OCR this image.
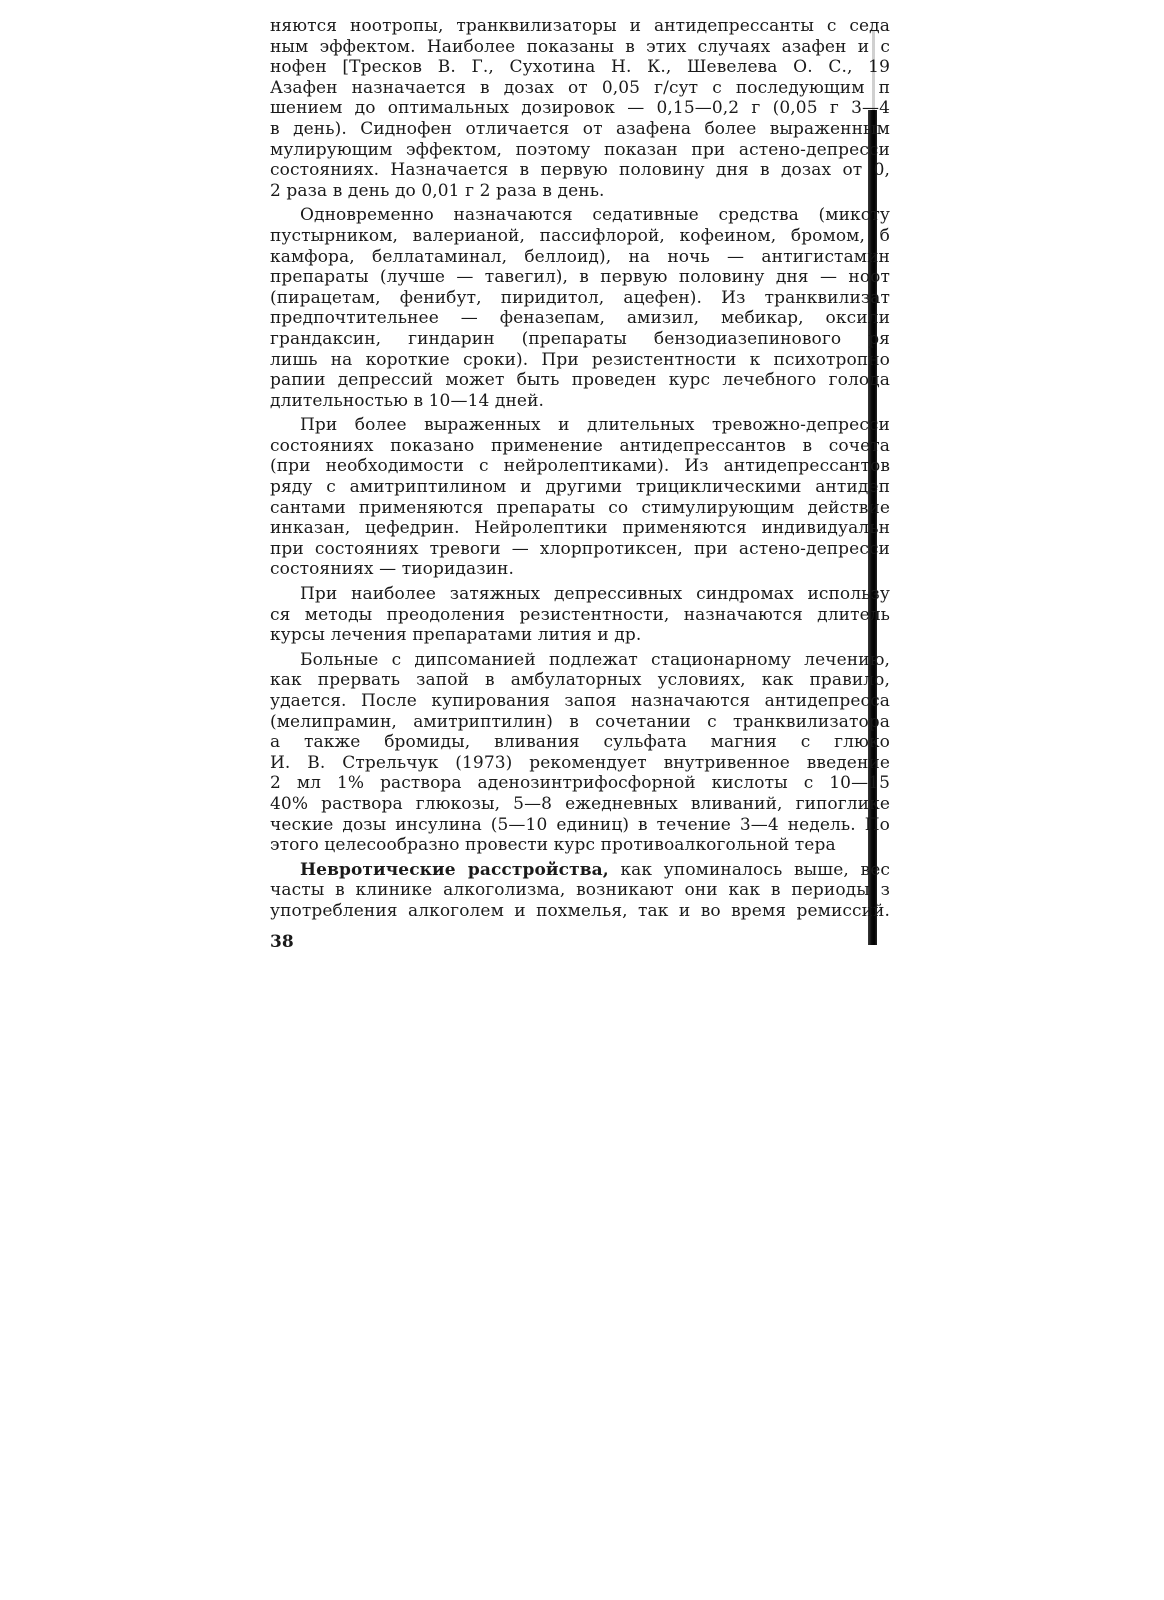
няются ноотропы, транквилизаторы и антидепрессанты с седа
ным эффектом. Наиболее показаны в этих случаях азафен и с
нофен [Тресков В. Г., Сухотина Н. К., Шевелева О. С., 19
Азафен назначается в дозах от 0,05 г/сут с последующим п
шением до оптимальных дозировок — 0,15—0,2 г (0,05 г 3—4
в день). Сиднофен отличается от азафена более выраженным
мулирующим эффектом, поэтому показан при астено-депресси
состояниях. Назначается в первую половину дня в дозах от 0,
2 раза в день до 0,01 г 2 раза в день.
Одновременно назначаются седативные средства (миксту
пустырником, валерианой, пассифлорой, кофеином, бромом, б
камфора, беллатаминал, беллоид), на ночь — антигистамин
препараты (лучше — тавегил), в первую половину дня — ноот
(пирацетам, фенибут, пиридитол, ацефен). Из транквилизат
предпочтительнее — феназепам, амизил, мебикар, оксили
грандаксин, гиндарин (препараты бензодиазепинового ря
лишь на короткие сроки). При резистентности к психотропно
рапии депрессий может быть проведен курс лечебного голода
длительностью в 10—14 дней.
При более выраженных и длительных тревожно-депресси
состояниях показано применение антидепрессантов в сочета
(при необходимости с нейролептиками). Из антидепрессантов
ряду с амитриптилином и другими трициклическими антидеп
сантами применяются препараты со стимулирующим действие
инказан, цефедрин. Нейролептики применяются индивидуальн
при состояниях тревоги — хлорпротиксен, при астено-депресси
состояниях — тиоридазин.
При наиболее затяжных депрессивных синдромах использу
ся методы преодоления резистентности, назначаются длитель
курсы лечения препаратами лития и др.
Больные с дипсоманией подлежат стационарному лечению,
как прервать запой в амбулаторных условиях, как правило,
удается. После купирования запоя назначаются антидепресса
(мелипрамин, амитриптилин) в сочетании с транквилизатора
а также бромиды, вливания сульфата магния с глюко
И. В. Стрельчук (1973) рекомендует внутривенное введение
2 мл 1% раствора аденозинтрифосфорной кислоты с 10—15
40% раствора глюкозы, 5—8 ежедневных вливаний, гипоглике
ческие дозы инсулина (5—10 единиц) в течение 3—4 недель. По
этого целесообразно провести курс противоалкогольной тера
Невротические расстройства, как упоминалось выше, вес
часты в клинике алкоголизма, возникают они как в периоды з
употребления алкоголем и похмелья, так и во время ремиссий.
38
